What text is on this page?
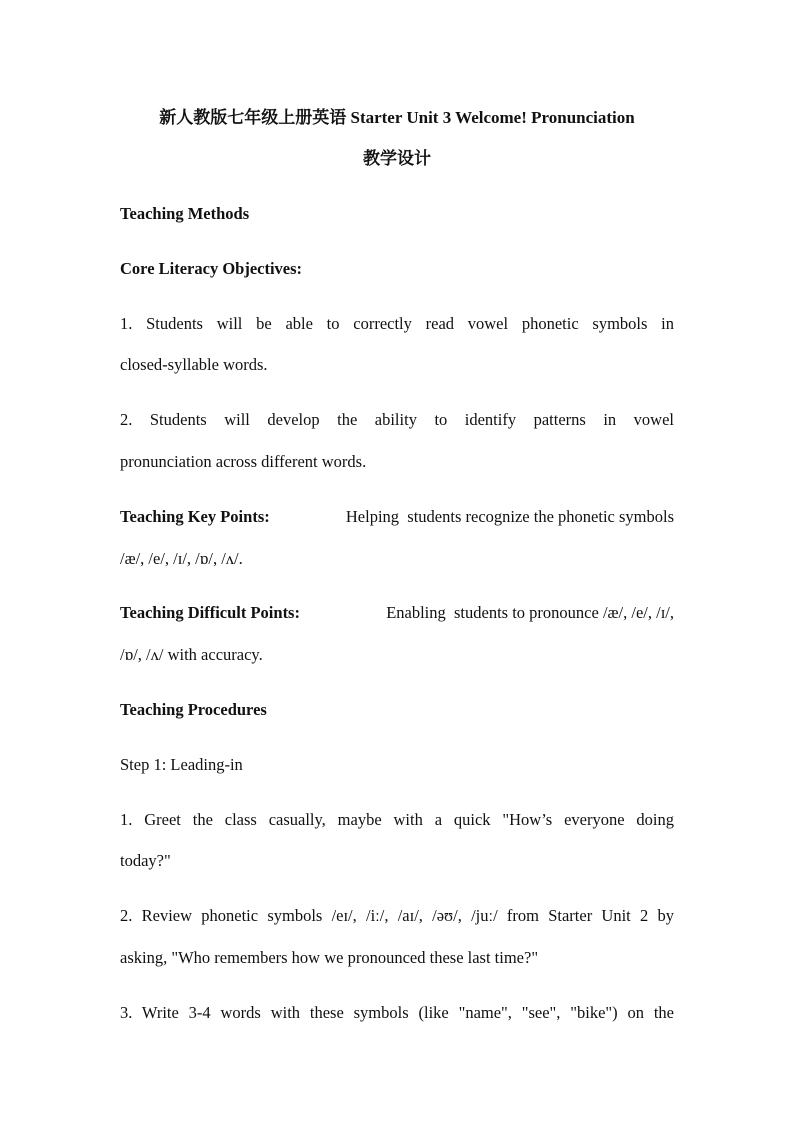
新人教版七年级上册英语 Starter Unit 3 Welcome! Pronunciation
教学设计
Teaching Methods
Core Literacy Objectives:
1. Students will be able to correctly read vowel phonetic symbols in
closed-syllable words.
2. Students will develop the ability to identify patterns in vowel
pronunciation across different words.
Teaching Key Points:	Helping  students recognize the phonetic symbols
/æ/, /e/, /ɪ/, /ɒ/, /ʌ/.
Teaching Difficult Points:	Enabling  students to pronounce /æ/, /e/, /ɪ/,
/ɒ/, /ʌ/ with accuracy.
Teaching Procedures
Step 1: Leading-in
1. Greet the class casually, maybe with a quick "How’s everyone doing
today?"
2. Review phonetic symbols /eɪ/, /iː/, /aɪ/, /əʊ/, /juː/ from Starter Unit 2 by
asking, "Who remembers how we pronounced these last time?"
3. Write 3-4 words with these symbols (like "name", "see", "bike") on the
